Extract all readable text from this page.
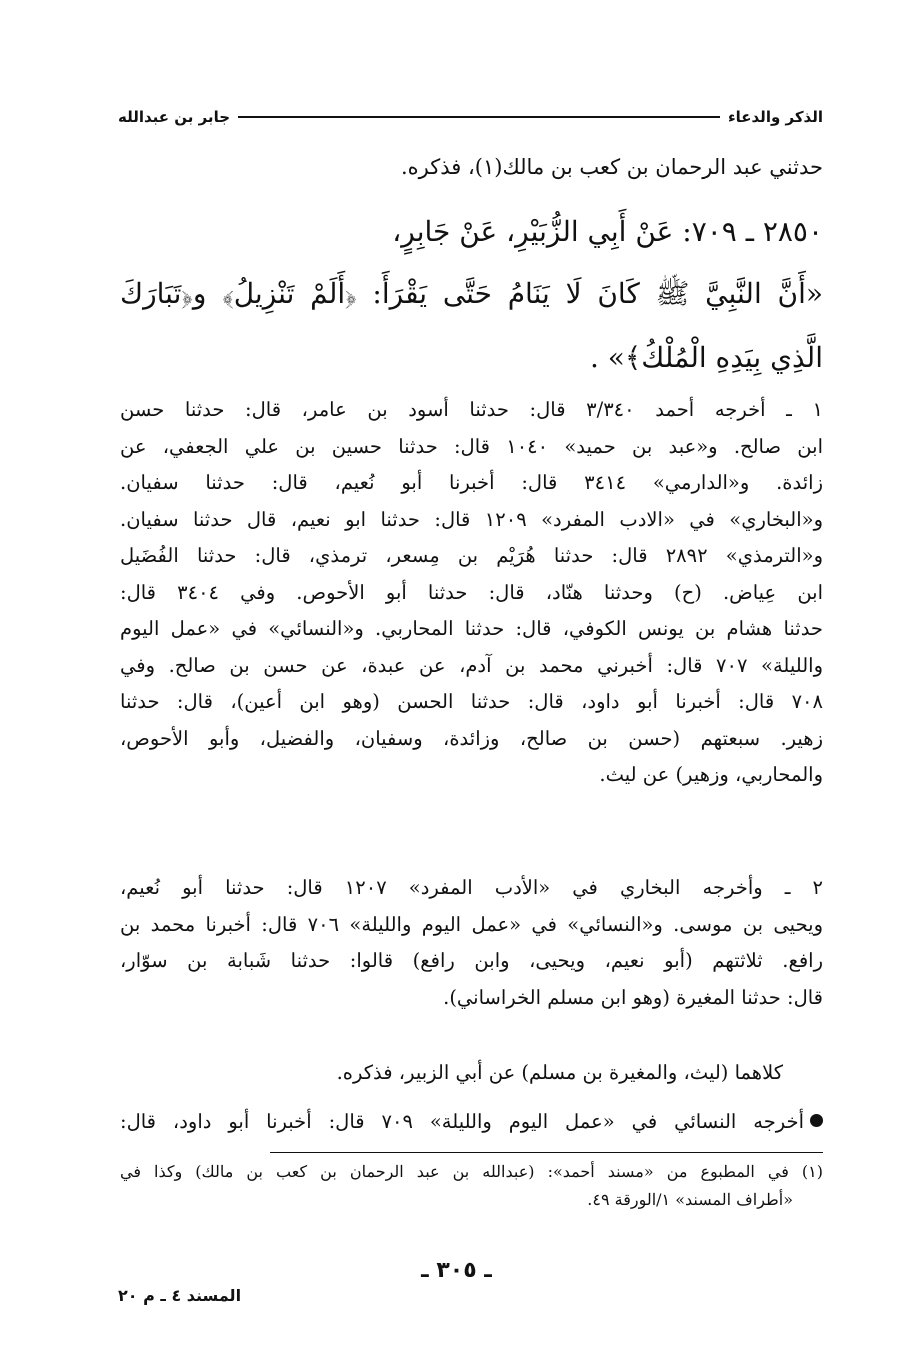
الذكر والدعاء
جابر بن عبدالله
حدثني عبد الرحمان بن كعب بن مالك(١)، فذكره.
٢٨٥٠ ـ ٧٠٩: عَنْ أَبِي الزُّبَيْرِ، عَنْ جَابِرٍ،
«أَنَّ النَّبِيَّ ﷺ كَانَ لَا يَنَامُ حَتَّى يَقْرَأَ: ﴿أَلَمْ تَنْزِيلُ﴾ و﴿تَبَارَكَ
الَّذِي بِيَدِهِ الْمُلْكُ﴾» .
١ ـ أخرجه أحمد ٣/٣٤٠ قال: حدثنا أسود بن عامر، قال: حدثنا حسن
ابن صالح. و«عبد بن حميد» ١٠٤٠ قال: حدثنا حسين بن علي الجعفي، عن
زائدة. و«الدارمي» ٣٤١٤ قال: أخبرنا أبو نُعيم، قال: حدثنا سفيان.
و«البخاري» في «الادب المفرد» ١٢٠٩ قال: حدثنا ابو نعيم، قال حدثنا سفيان.
و«الترمذي» ٢٨٩٢ قال: حدثنا هُرَيْم بن مِسعر، ترمذي، قال: حدثنا الفُضَيل
ابن عِياض. (ح) وحدثنا هنّاد، قال: حدثنا أبو الأحوص. وفي ٣٤٠٤ قال:
حدثنا هشام بن يونس الكوفي، قال: حدثنا المحاربي. و«النسائي» في «عمل اليوم
والليلة» ٧٠٧ قال: أخبرني محمد بن آدم، عن عبدة، عن حسن بن صالح. وفي
٧٠٨ قال: أخبرنا أبو داود، قال: حدثنا الحسن (وهو ابن أعين)، قال: حدثنا
زهير. سبعتهم (حسن بن صالح، وزائدة، وسفيان، والفضيل، وأبو الأحوص،
والمحاربي، وزهير) عن ليث.
٢ ـ وأخرجه البخاري في «الأدب المفرد» ١٢٠٧ قال: حدثنا أبو نُعيم،
ويحيى بن موسى. و«النسائي» في «عمل اليوم والليلة» ٧٠٦ قال: أخبرنا محمد بن
رافع. ثلاثتهم (أبو نعيم، ويحيى، وابن رافع) قالوا: حدثنا شَبابة بن سوّار،
قال: حدثنا المغيرة (وهو ابن مسلم الخراساني).
كلاهما (ليث، والمغيرة بن مسلم) عن أبي الزبير، فذكره.
أخرجه النسائي في «عمل اليوم والليلة» ٧٠٩ قال: أخبرنا أبو داود، قال:
(١) في المطبوع من «مسند أحمد»: (عبدالله بن عبد الرحمان بن كعب بن مالك) وكذا في
«أطراف المسند» ١/الورقة ٤٩.
ـ ٣٠٥ ـ
المسند ٤ ـ م ٢٠
